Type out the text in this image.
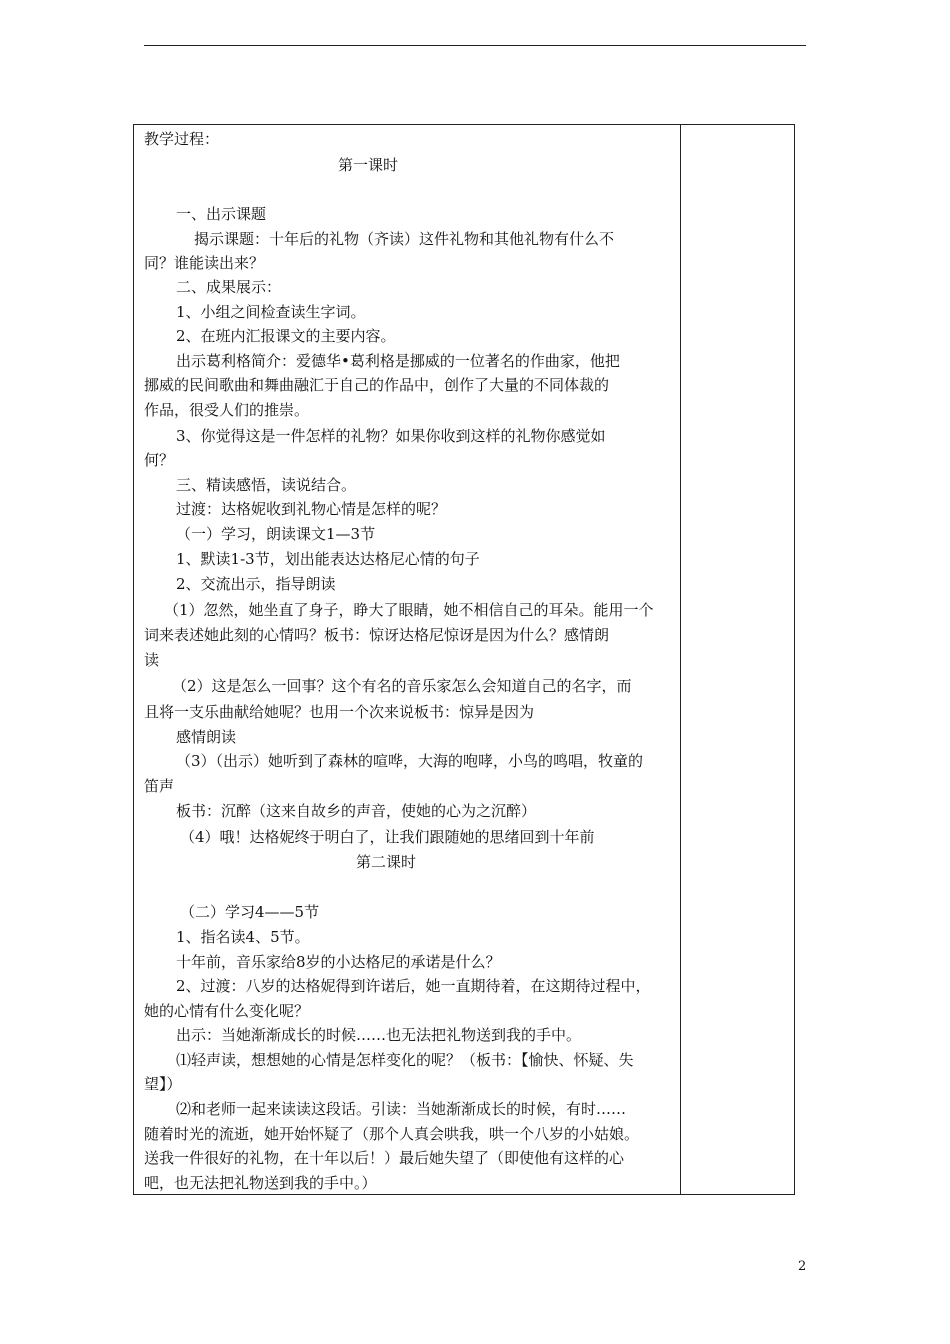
教学过程：
第一课时
一、出示课题
揭示课题：十年后的礼物（齐读）这件礼物和其他礼物有什么不
同？谁能读出来？
二、成果展示：
1、小组之间检查读生字词。
2、在班内汇报课文的主要内容。
出示葛利格简介：爱德华•葛利格是挪威的一位著名的作曲家，他把
挪威的民间歌曲和舞曲融汇于自己的作品中，创作了大量的不同体裁的
作品，很受人们的推崇。
3、你觉得这是一件怎样的礼物？如果你收到这样的礼物你感觉如
何？
三、精读感悟，读说结合。
过渡：达格妮收到礼物心情是怎样的呢？
（一）学习，朗读课文1—3节
1、默读1-3节，划出能表达达格尼心情的句子
2、交流出示，指导朗读
（1）忽然，她坐直了身子，睁大了眼睛，她不相信自己的耳朵。能用一个
词来表述她此刻的心情吗？板书：惊讶达格尼惊讶是因为什么？感情朗
读
（2）这是怎么一回事？这个有名的音乐家怎么会知道自己的名字，而
且将一支乐曲献给她呢？也用一个次来说板书：惊异是因为
感情朗读
（3）（出示）她听到了森林的喧哗，大海的咆哮，小鸟的鸣唱，牧童的
笛声
板书：沉醉（这来自故乡的声音，使她的心为之沉醉）
（4）哦！达格妮终于明白了，让我们跟随她的思绪回到十年前
第二课时
（二）学习4——5节
1、指名读4、5节。
十年前，音乐家给8岁的小达格尼的承诺是什么？
2、过渡：八岁的达格妮得到许诺后，她一直期待着，在这期待过程中，
她的心情有什么变化呢？
出示：当她渐渐成长的时候……也无法把礼物送到我的手中。
⑴轻声读，想想她的心情是怎样变化的呢？（板书：【愉快、怀疑、失
望】）
⑵和老师一起来读读这段话。引读：当她渐渐成长的时候，有时……
随着时光的流逝，她开始怀疑了（那个人真会哄我，哄一个八岁的小姑娘。
送我一件很好的礼物，在十年以后！）最后她失望了（即使他有这样的心
吧，也无法把礼物送到我的手中。）
2
